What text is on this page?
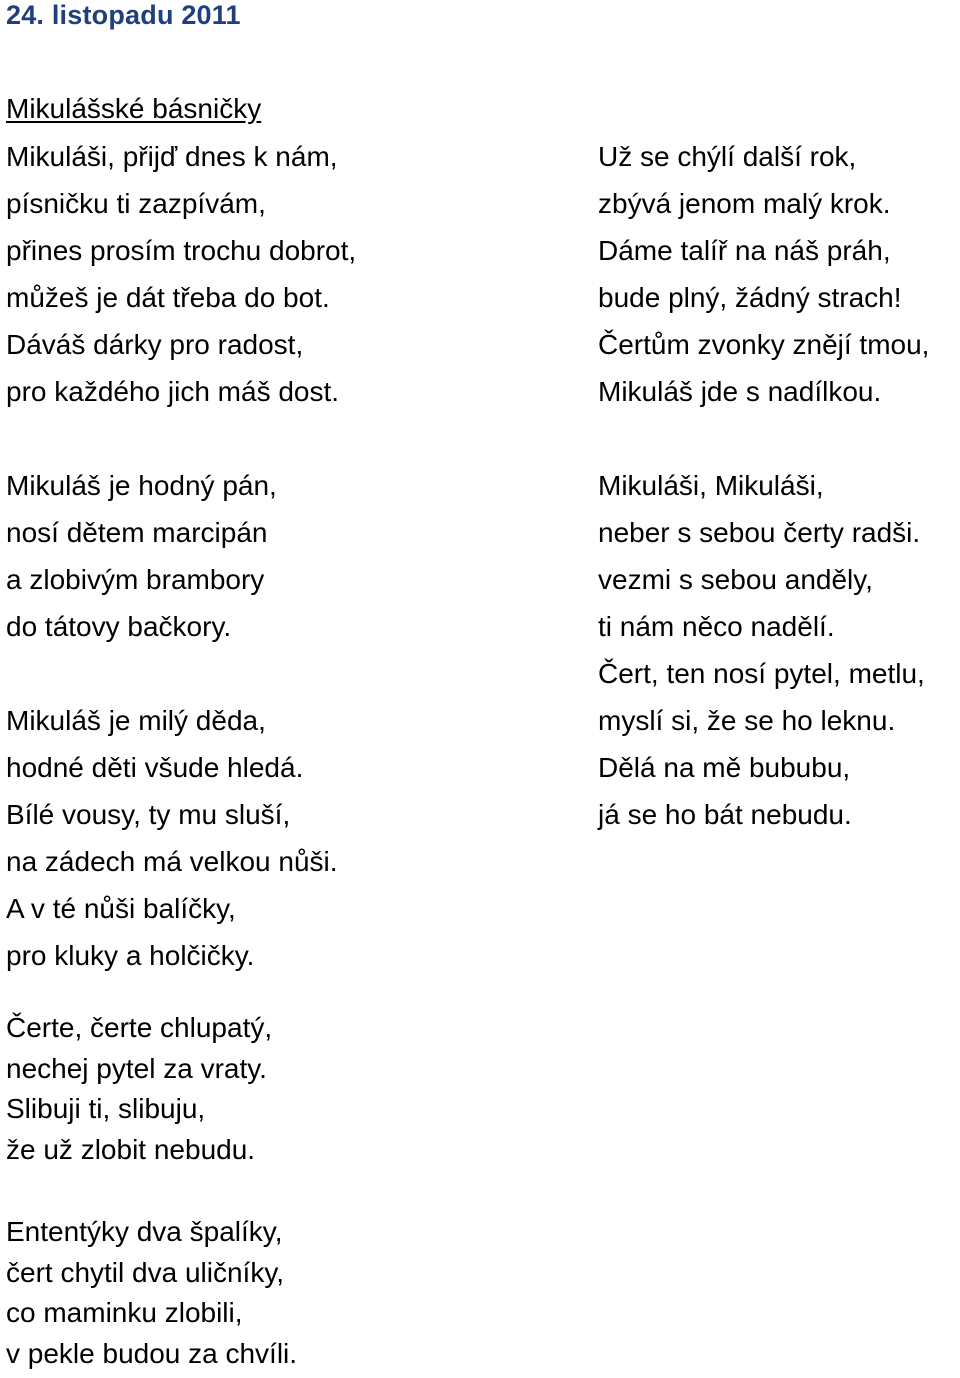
24. listopadu 2011
Mikulášské básničky
Mikuláši, přijď dnes k nám,
písničku ti zazpívám,
přines prosím trochu dobrot,
můžeš je dát třeba do bot.
Dáváš dárky pro radost,
pro každého jich máš dost.
Mikuláš je hodný pán,
nosí dětem marcipán
a zlobivým brambory
do tátovy bačkory.
Mikuláš je milý děda,
hodné děti všude hledá.
Bílé vousy, ty mu sluší,
na zádech má velkou nůši.
A v té nůši balíčky,
pro kluky a holčičky.
Čerte, čerte chlupatý,
nechej pytel za vraty.
Slibuji ti, slibuju,
že už zlobit nebudu.
Ententýky dva špalíky,
čert chytil dva uličníky,
co maminku zlobili,
v pekle budou za chvíli.
Už se chýlí další rok,
zbývá jenom malý krok.
Dáme talíř na náš práh,
bude plný, žádný strach!
Čertům zvonky znějí tmou,
Mikuláš jde s nadílkou.
Mikuláši, Mikuláši,
neber s sebou čerty radši.
vezmi s sebou anděly,
ti nám něco nadělí.
Čert, ten nosí pytel, metlu,
myslí si, že se ho leknu.
Dělá na mě bububu,
já se ho bát nebudu.
